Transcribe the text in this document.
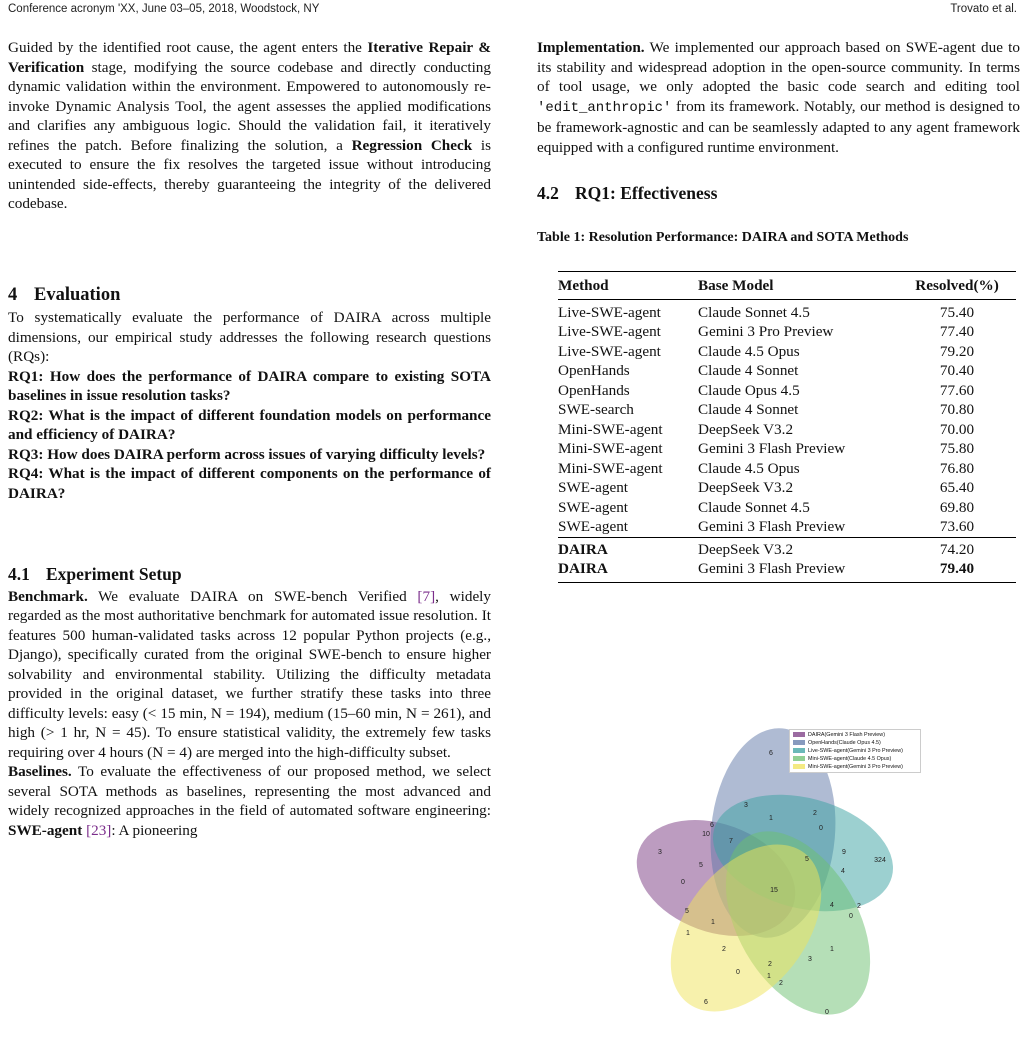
Conference acronym 'XX, June 03–05, 2018, Woodstock, NY	Trovato et al.

Guided by the identified root cause, the agent enters the Iterative Repair & Verification stage, modifying the source codebase and directly conducting dynamic validation within the environment. Empowered to autonomously re-invoke Dynamic Analysis Tool, the agent assesses the applied modifications and clarifies any ambiguous logic. Should the validation fail, it iteratively refines the patch. Before finalizing the solution, a Regression Check is executed to ensure the fix resolves the targeted issue without introducing unintended side-effects, thereby guaranteeing the integrity of the delivered codebase.

4 Evaluation

To systematically evaluate the performance of DAIRA across multiple dimensions, our empirical study addresses the following research questions (RQs):

RQ1: How does the performance of DAIRA compare to existing SOTA baselines in issue resolution tasks?

RQ2: What is the impact of different foundation models on performance and efficiency of DAIRA?

RQ3: How does DAIRA perform across issues of varying difficulty levels?

RQ4: What is the impact of different components on the performance of DAIRA?

4.1 Experiment Setup

Benchmark. We evaluate DAIRA on SWE-bench Verified [7], widely regarded as the most authoritative benchmark for automated issue resolution. It features 500 human-validated tasks across 12 popular Python projects (e.g., Django), specifically curated from the original SWE-bench to ensure higher solvability and environmental stability. Utilizing the difficulty metadata provided in the original dataset, we further stratify these tasks into three difficulty levels: easy (< 15 min, N = 194), medium (15–60 min, N = 261), and high (> 1 hr, N = 45). To ensure statistical validity, the extremely few tasks requiring over 4 hours (N = 4) are merged into the high-difficulty subset.

Baselines. To evaluate the effectiveness of our proposed method, we select several SOTA methods as baselines, representing the most advanced and widely recognized approaches in the field of automated software engineering: SWE-agent [23]: A pioneering

Implementation. We implemented our approach based on SWE-agent due to its stability and widespread adoption in the open-source community. In terms of tool usage, we only adopted the basic code search and editing tool 'edit_anthropic' from its framework. Notably, our method is designed to be framework-agnostic and can be seamlessly adapted to any agent framework equipped with a configured runtime environment.

4.2 RQ1: Effectiveness

Table 1: Resolution Performance: DAIRA and SOTA Methods

Method	Base Model	Resolved(%)
Live-SWE-agent	Claude Sonnet 4.5	75.40
Live-SWE-agent	Gemini 3 Pro Preview	77.40
Live-SWE-agent	Claude 4.5 Opus	79.20
OpenHands	Claude 4 Sonnet	70.40
OpenHands	Claude Opus 4.5	77.60
SWE-search	Claude 4 Sonnet	70.80
Mini-SWE-agent	DeepSeek V3.2	70.00
Mini-SWE-agent	Gemini 3 Flash Preview	75.80
Mini-SWE-agent	Claude 4.5 Opus	76.80
SWE-agent	DeepSeek V3.2	65.40
SWE-agent	Claude Sonnet 4.5	69.80
SWE-agent	Gemini 3 Flash Preview	73.60
DAIRA	DeepSeek V3.2	74.20
DAIRA	Gemini 3 Flash Preview	79.40
6
3
1
2
0
6
10
7
5
9
3
5
4
324
0
15
4	2
0
5
1
1
2
2
3
1
0
1
2
6
0
DAIRA(Gemini 3 Flash Preview)
OpenHands(Claude Opus 4.5)
Live-SWE-agent(Gemini 3 Pro Preview)
Mini-SWE-agent(Claude 4.5 Opus)
Mini-SWE-agent(Gemini 3 Pro Preview)
